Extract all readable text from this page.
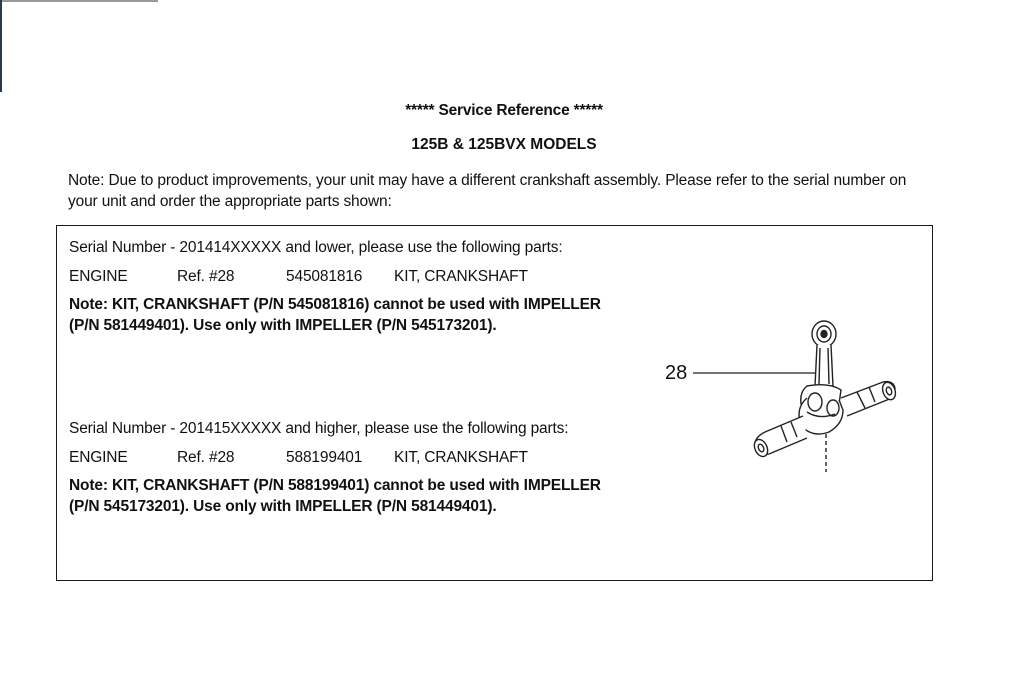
***** Service Reference *****
125B & 125BVX MODELS
Note: Due to product improvements, your unit may have a different crankshaft assembly. Please refer to the serial number on your unit and order the appropriate parts shown:

Serial Number - 201414XXXXX and lower, please use the following parts:

ENGINE	Ref. #28	545081816	KIT, CRANKSHAFT
Note: KIT, CRANKSHAFT (P/N 545081816) cannot be used with IMPELLER (P/N 581449401). Use only with IMPELLER (P/N 545173201).

Serial Number - 201415XXXXX and higher, please use the following parts:

ENGINE	Ref. #28	588199401	KIT, CRANKSHAFT
Note: KIT, CRANKSHAFT (P/N 588199401) cannot be used with IMPELLER (P/N 545173201). Use only with IMPELLER (P/N 581449401).
28
